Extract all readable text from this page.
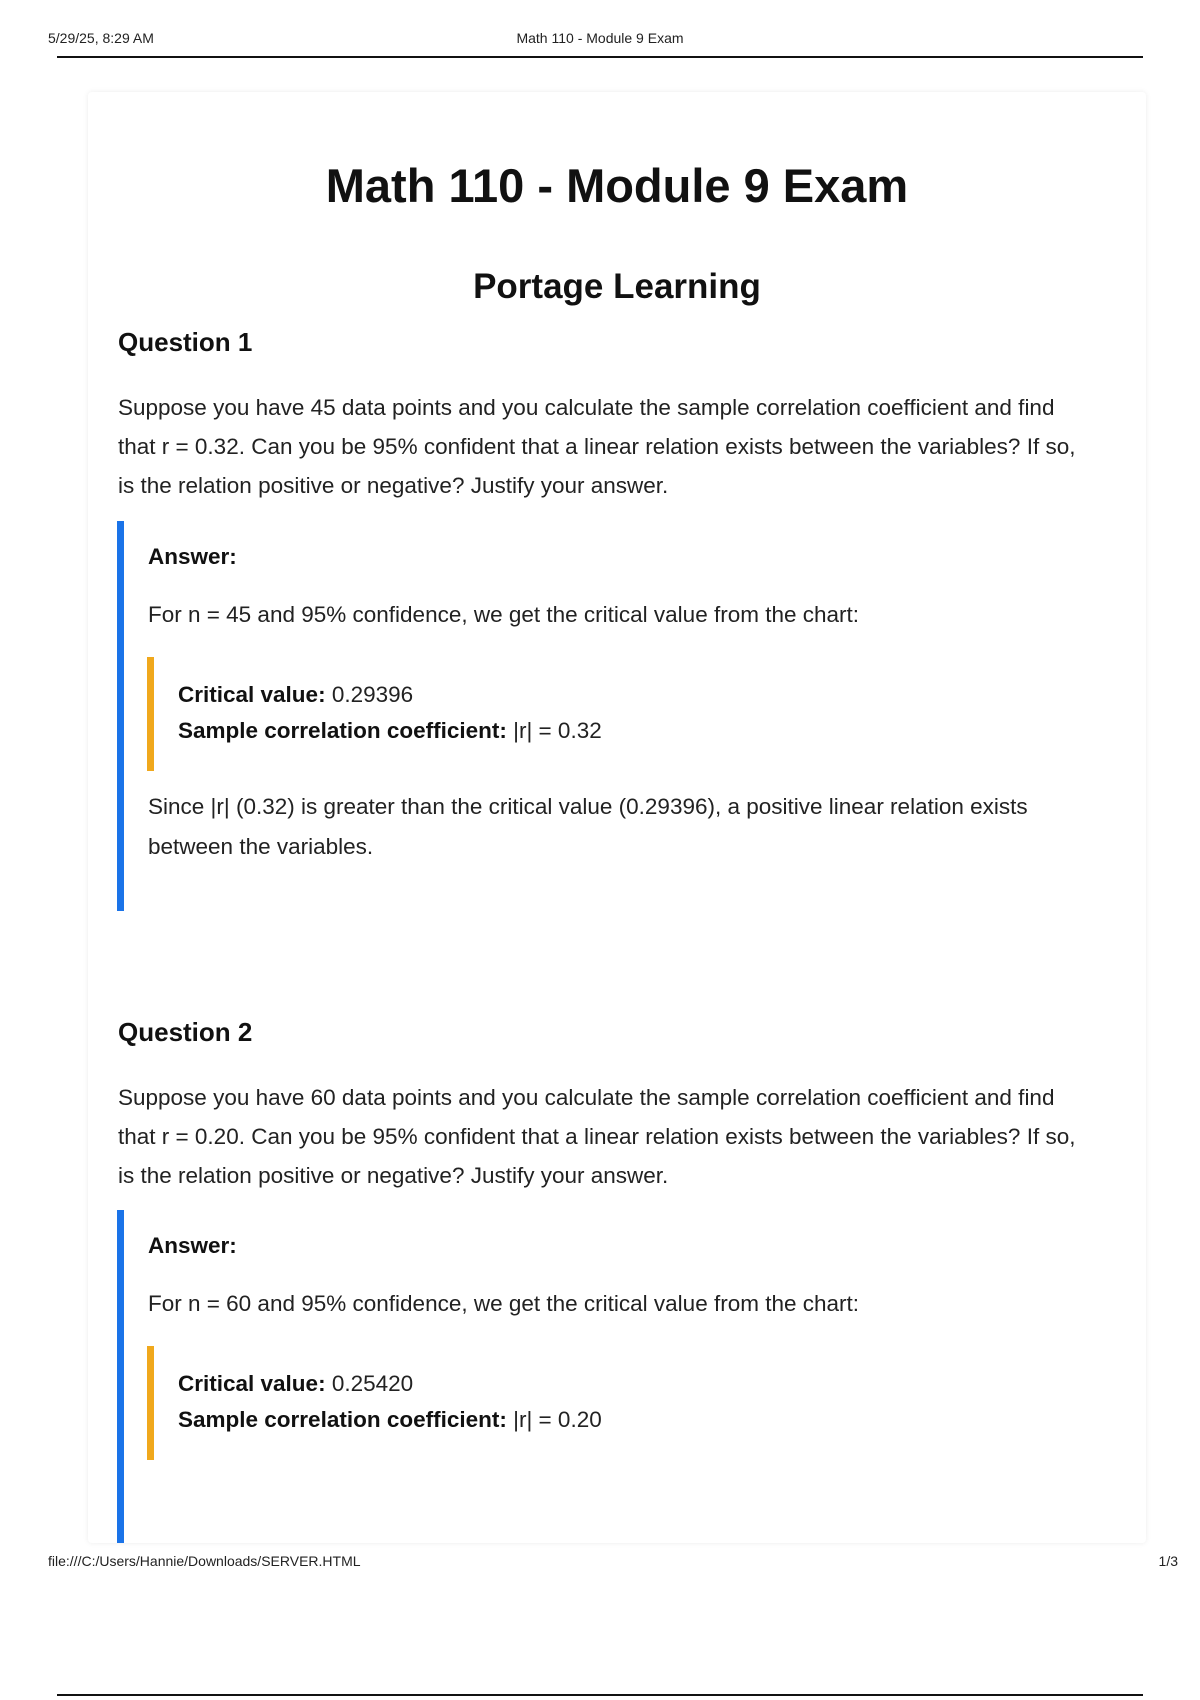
5/29/25, 8:29 AM	Math 110 - Module 9 Exam
Math 110 - Module 9 Exam
Portage Learning
Question 1
Suppose you have 45 data points and you calculate the sample correlation coefficient and find that r = 0.32. Can you be 95% confident that a linear relation exists between the variables? If so, is the relation positive or negative? Justify your answer.
Answer:
For n = 45 and 95% confidence, we get the critical value from the chart:
Critical value: 0.29396
Sample correlation coefficient: |r| = 0.32
Since |r| (0.32) is greater than the critical value (0.29396), a positive linear relation exists between the variables.
Question 2
Suppose you have 60 data points and you calculate the sample correlation coefficient and find that r = 0.20. Can you be 95% confident that a linear relation exists between the variables? If so, is the relation positive or negative? Justify your answer.
Answer:
For n = 60 and 95% confidence, we get the critical value from the chart:
Critical value: 0.25420
Sample correlation coefficient: |r| = 0.20
file:///C:/Users/Hannie/Downloads/SERVER.HTML	1/3
